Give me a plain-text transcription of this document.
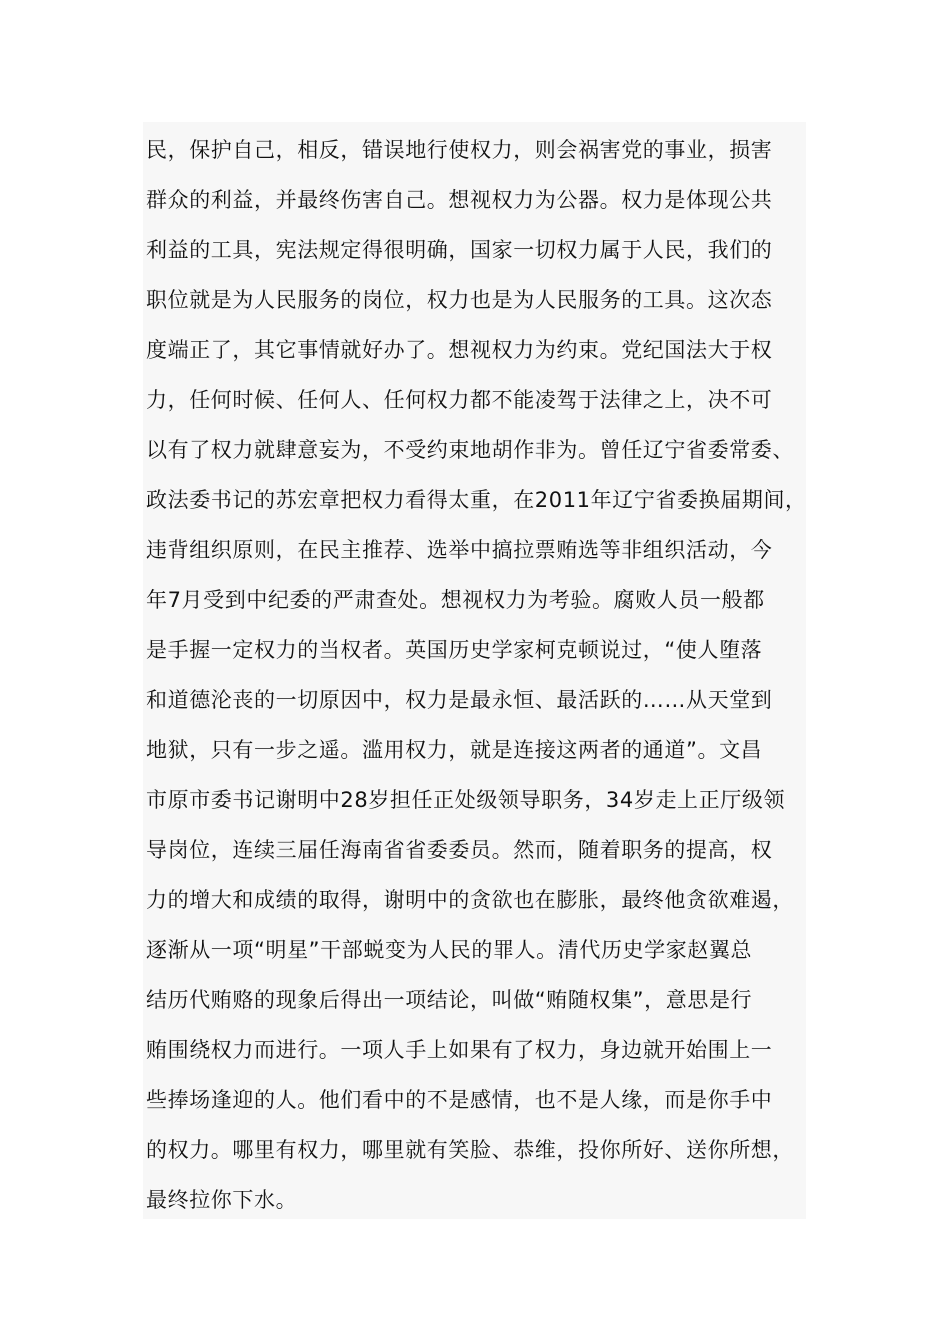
民，保护自己，相反，错误地行使权力，则会祸害党的事业，损害
群众的利益，并最终伤害自己。想视权力为公器。权力是体现公共
利益的工具，宪法规定得很明确，国家一切权力属于人民，我们的
职位就是为人民服务的岗位，权力也是为人民服务的工具。这次态
度端正了，其它事情就好办了。想视权力为约束。党纪国法大于权
力，任何时候、任何人、任何权力都不能凌驾于法律之上，决不可
以有了权力就肆意妄为，不受约束地胡作非为。曾任辽宁省委常委、
政法委书记的苏宏章把权力看得太重，在2011年辽宁省委换届期间，
违背组织原则，在民主推荐、选举中搞拉票贿选等非组织活动，今
年7月受到中纪委的严肃查处。想视权力为考验。腐败人员一般都
是手握一定权力的当权者。英国历史学家柯克顿说过，“使人堕落
和道德沦丧的一切原因中，权力是最永恒、最活跃的……从天堂到
地狱，只有一步之遥。滥用权力，就是连接这两者的通道”。文昌
市原市委书记谢明中28岁担任正处级领导职务，34岁走上正厅级领
导岗位，连续三届任海南省省委委员。然而，随着职务的提高，权
力的增大和成绩的取得，谢明中的贪欲也在膨胀，最终他贪欲难遏，
逐渐从一项“明星”干部蜕变为人民的罪人。清代历史学家赵翼总
结历代贿赂的现象后得出一项结论，叫做“贿随权集”，意思是行
贿围绕权力而进行。一项人手上如果有了权力，身边就开始围上一
些捧场逢迎的人。他们看中的不是感情，也不是人缘，而是你手中
的权力。哪里有权力，哪里就有笑脸、恭维，投你所好、送你所想，
最终拉你下水。
